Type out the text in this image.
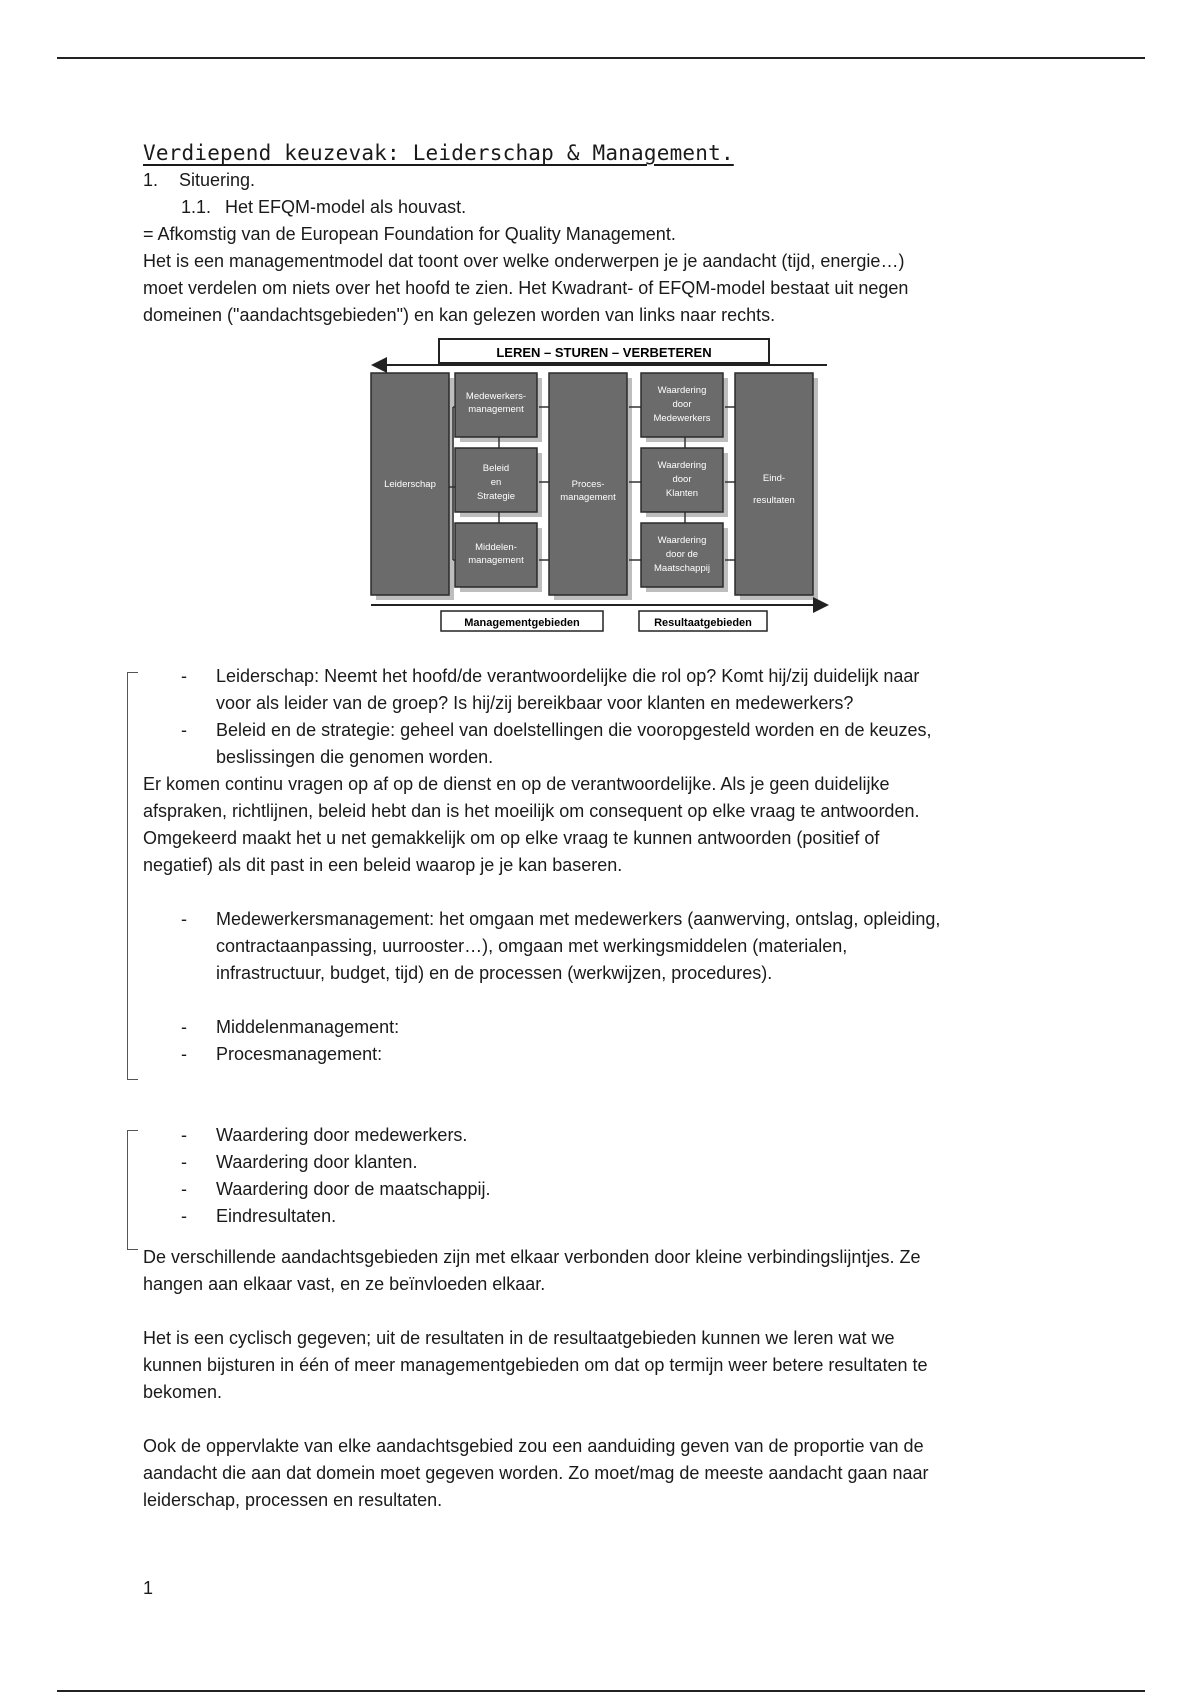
Verdiepend keuzevak: Leiderschap & Management.

1. Situering.

1.1. Het EFQM-model als houvast.

= Afkomstig van de European Foundation for Quality Management.

Het is een managementmodel dat toont over welke onderwerpen je je aandacht (tijd, energie…)

moet verdelen om niets over het hoofd te zien. Het Kwadrant- of EFQM-model bestaat uit negen

domeinen ("aandachtsgebieden") en kan gelezen worden van links naar rechts.

LEREN – STUREN – VERBETEREN
Leiderschap
Medewerkers-
management
Beleid
en
Strategie
Middelen-
management
Proces-
management
Waardering
door
Medewerkers
Waardering
door
Klanten
Waardering
door de
Maatschappij
Eind-
resultaten
Managementgebieden	Resultaatgebieden

- Leiderschap: Neemt het hoofd/de verantwoordelijke die rol op? Komt hij/zij duidelijk naar

voor als leider van de groep? Is hij/zij bereikbaar voor klanten en medewerkers?

- Beleid en de strategie: geheel van doelstellingen die vooropgesteld worden en de keuzes,

beslissingen die genomen worden.

Er komen continu vragen op af op de dienst en op de verantwoordelijke. Als je geen duidelijke

afspraken, richtlijnen, beleid hebt dan is het moeilijk om consequent op elke vraag te antwoorden.

Omgekeerd maakt het u net gemakkelijk om op elke vraag te kunnen antwoorden (positief of

negatief) als dit past in een beleid waarop je je kan baseren.

- Medewerkersmanagement: het omgaan met medewerkers (aanwerving, ontslag, opleiding,

contractaanpassing, uurrooster…), omgaan met werkingsmiddelen (materialen,

infrastructuur, budget, tijd) en de processen (werkwijzen, procedures).

- Middelenmanagement:

- Procesmanagement:

- Waardering door medewerkers.

- Waardering door klanten.

- Waardering door de maatschappij.

- Eindresultaten.

De verschillende aandachtsgebieden zijn met elkaar verbonden door kleine verbindingslijntjes. Ze

hangen aan elkaar vast, en ze beïnvloeden elkaar.

Het is een cyclisch gegeven; uit de resultaten in de resultaatgebieden kunnen we leren wat we

kunnen bijsturen in één of meer managementgebieden om dat op termijn weer betere resultaten te

bekomen.

Ook de oppervlakte van elke aandachtsgebied zou een aanduiding geven van de proportie van de

aandacht die aan dat domein moet gegeven worden. Zo moet/mag de meeste aandacht gaan naar

leiderschap, processen en resultaten.

1
